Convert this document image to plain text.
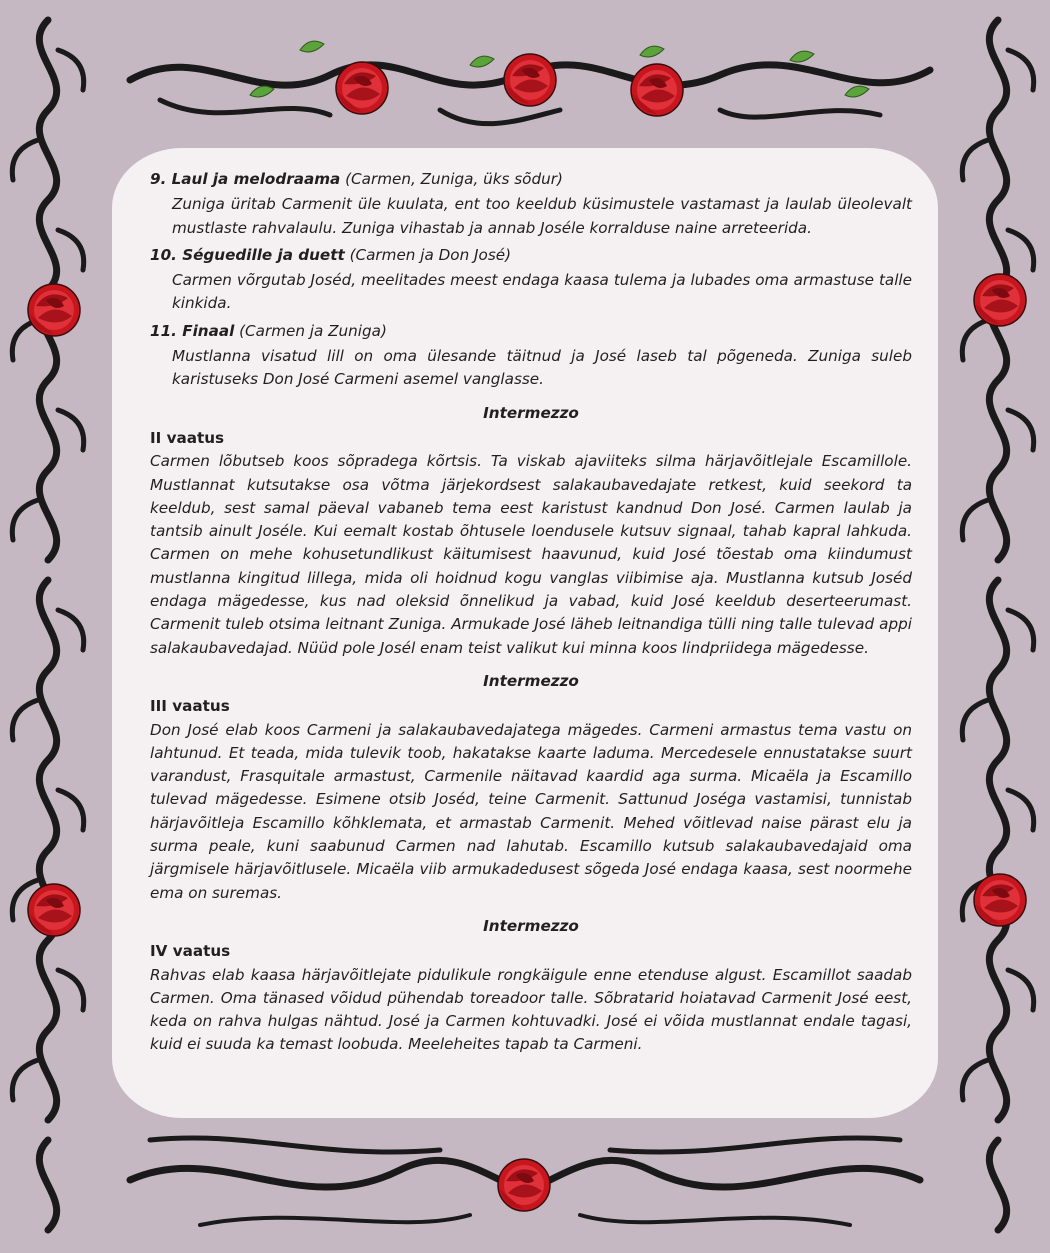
9. Laul ja melodraama (Carmen, Zuniga, üks sõdur)

Zuniga üritab Carmenit üle kuulata, ent too keeldub küsimustele vastamast ja laulab üleolevalt mustlaste rahvalaulu. Zuniga vihastab ja annab Joséle korralduse naine arreteerida.

10. Séguedille ja duett (Carmen ja Don José)

Carmen võrgutab Joséd, meelitades meest endaga kaasa tulema ja lubades oma armastuse talle kinkida.

11. Finaal (Carmen ja Zuniga)

Mustlanna visatud lill on oma ülesande täitnud ja José laseb tal põgeneda. Zuniga suleb karistuseks Don José Carmeni asemel vanglasse.

Intermezzo

II vaatus

Carmen lõbutseb koos sõpradega kõrtsis. Ta viskab ajaviiteks silma härjavõitlejale Escamillole. Mustlannat kutsutakse osa võtma järjekordsest salakaubavedajate retkest, kuid seekord ta keeldub, sest samal päeval vabaneb tema eest karistust kandnud Don José. Carmen laulab ja tantsib ainult Joséle. Kui eemalt kostab õhtusele loendusele kutsuv signaal, tahab kapral lahkuda. Carmen on mehe kohusetundlikust käitumisest haavunud, kuid José tõestab oma kiindumust mustlanna kingitud lillega, mida oli hoidnud kogu vanglas viibimise aja. Mustlanna kutsub Joséd endaga mägedesse, kus nad oleksid õnnelikud ja vabad, kuid José keeldub deserteerumast. Carmenit tuleb otsima leitnant Zuniga. Armukade José läheb leitnandiga tülli ning talle tulevad appi salakaubavedajad. Nüüd pole Josél enam teist valikut kui minna koos lindpriidega mägedesse.

Intermezzo

III vaatus

Don José elab koos Carmeni ja salakaubavedajatega mägedes. Carmeni armastus tema vastu on lahtunud. Et teada, mida tulevik toob, hakatakse kaarte laduma. Mercedesele ennustatakse suurt varandust, Frasquitale armastust, Carmenile näitavad kaardid aga surma. Micaëla ja Escamillo tulevad mägedesse. Esimene otsib Joséd, teine Carmenit. Sattunud Joséga vastamisi, tunnistab härjavõitleja Escamillo kõhklemata, et armastab Carmenit. Mehed võitlevad naise pärast elu ja surma peale, kuni saabunud Carmen nad lahutab. Escamillo kutsub salakaubavedajaid oma järgmisele härjavõitlusele. Micaëla viib armukadedusest sõgeda José endaga kaasa, sest noormehe ema on suremas.

Intermezzo

IV vaatus

Rahvas elab kaasa härjavõitlejate pidulikule rongkäigule enne etenduse algust. Escamillot saadab Carmen. Oma tänased võidud pühendab toreadoor talle. Sõbratarid hoiatavad Carmenit José eest, keda on rahva hulgas nähtud. José ja Carmen kohtuvadki. José ei võida mustlannat endale tagasi, kuid ei suuda ka temast loobuda. Meeleheites tapab ta Carmeni.
